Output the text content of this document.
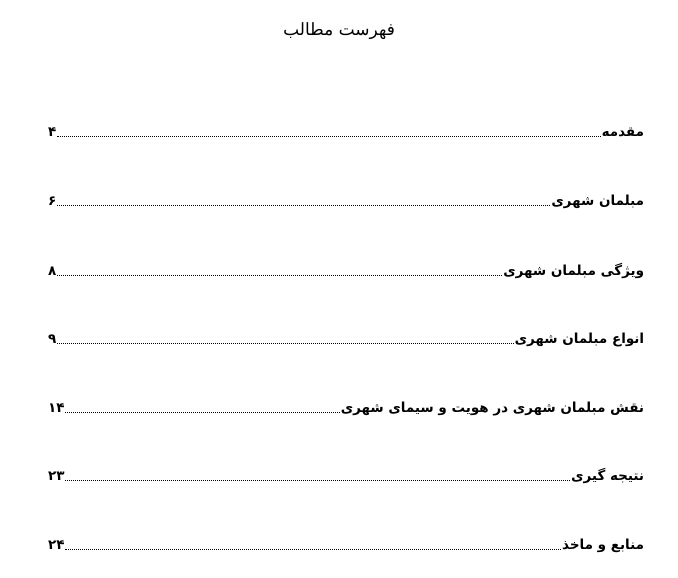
فهرست مطالب
مقدمه
۴
مبلمان شهری
۶
ویژگی مبلمان شهری
۸
انواع مبلمان شهری
۹
نقش مبلمان شهری در هویت و سیمای شهری
۱۴
نتیجه گیری
۲۳
منابع و ماخذ
۲۴
